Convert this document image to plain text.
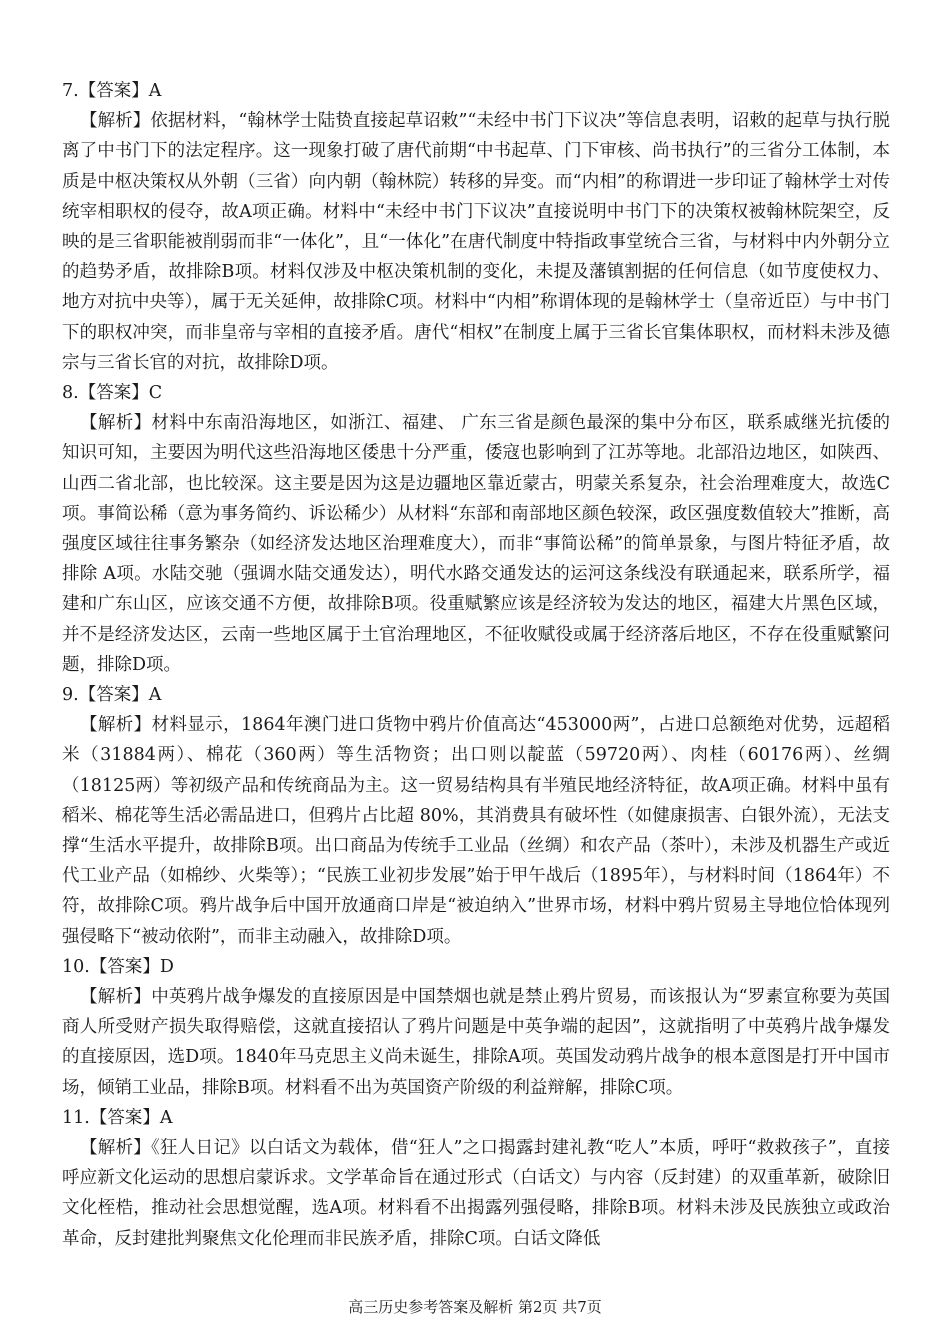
7.【答案】A

【解析】依据材料，“翰林学士陆贽直接起草诏敕”“未经中书门下议决”等信息表明，诏敕的起草与执行脱离了中书门下的法定程序。这一现象打破了唐代前期“中书起草、门下审核、尚书执行”的三省分工体制，本质是中枢决策权从外朝（三省）向内朝（翰林院）转移的异变。而“内相”的称谓进一步印证了翰林学士对传统宰相职权的侵夺，故A项正确。材料中“未经中书门下议决”直接说明中书门下的决策权被翰林院架空，反映的是三省职能被削弱而非“一体化”，且“一体化”在唐代制度中特指政事堂统合三省，与材料中内外朝分立的趋势矛盾，故排除B项。材料仅涉及中枢决策机制的变化，未提及藩镇割据的任何信息（如节度使权力、地方对抗中央等），属于无关延伸，故排除C项。材料中“内相”称谓体现的是翰林学士（皇帝近臣）与中书门下的职权冲突，而非皇帝与宰相的直接矛盾。唐代“相权”在制度上属于三省长官集体职权，而材料未涉及德宗与三省长官的对抗，故排除D项。

8.【答案】C

【解析】材料中东南沿海地区，如浙江、福建、 广东三省是颜色最深的集中分布区，联系戚继光抗倭的知识可知，主要因为明代这些沿海地区倭患十分严重，倭寇也影响到了江苏等地。北部沿边地区，如陕西、山西二省北部，也比较深。这主要是因为这是边疆地区靠近蒙古，明蒙关系复杂，社会治理难度大，故选C项。事简讼稀（意为事务简约、诉讼稀少）从材料“东部和南部地区颜色较深，政区强度数值较大”推断，高强度区域往往事务繁杂（如经济发达地区治理难度大），而非“事简讼稀”的简单景象，与图片特征矛盾，故排除 A项。水陆交驰（强调水陆交通发达），明代水路交通发达的运河这条线没有联通起来，联系所学，福建和广东山区，应该交通不方便，故排除B项。役重赋繁应该是经济较为发达的地区，福建大片黑色区域，并不是经济发达区，云南一些地区属于土官治理地区，不征收赋役或属于经济落后地区，不存在役重赋繁问题，排除D项。

9.【答案】A

【解析】材料显示，1864年澳门进口货物中鸦片价值高达“453000两”，占进口总额绝对优势，远超稻米（31884两）、棉花（360两）等生活物资；出口则以靛蓝（59720两）、肉桂（60176两）、丝绸（18125两）等初级产品和传统商品为主。这一贸易结构具有半殖民地经济特征，故A项正确。材料中虽有稻米、棉花等生活必需品进口，但鸦片占比超 80%，其消费具有破坏性（如健康损害、白银外流），无法支撑“生活水平提升，故排除B项。出口商品为传统手工业品（丝绸）和农产品（茶叶），未涉及机器生产或近代工业产品（如棉纱、火柴等）；“民族工业初步发展”始于甲午战后（1895年），与材料时间（1864年）不符，故排除C项。鸦片战争后中国开放通商口岸是“被迫纳入”世界市场，材料中鸦片贸易主导地位恰体现列强侵略下“被动依附”，而非主动融入，故排除D项。

10.【答案】D

【解析】中英鸦片战争爆发的直接原因是中国禁烟也就是禁止鸦片贸易，而该报认为“罗素宣称要为英国商人所受财产损失取得赔偿，这就直接招认了鸦片问题是中英争端的起因”，这就指明了中英鸦片战争爆发的直接原因，选D项。1840年马克思主义尚未诞生，排除A项。英国发动鸦片战争的根本意图是打开中国市场，倾销工业品，排除B项。材料看不出为英国资产阶级的利益辩解，排除C项。

11.【答案】A

【解析】《狂人日记》以白话文为载体，借“狂人”之口揭露封建礼教“吃人”本质，呼吁“救救孩子”，直接呼应新文化运动的思想启蒙诉求。文学革命旨在通过形式（白话文）与内容（反封建）的双重革新，破除旧文化桎梏，推动社会思想觉醒，选A项。材料看不出揭露列强侵略，排除B项。材料未涉及民族独立或政治革命，反封建批判聚焦文化伦理而非民族矛盾，排除C项。白话文降低

高三历史参考答案及解析 第2页 共7页
